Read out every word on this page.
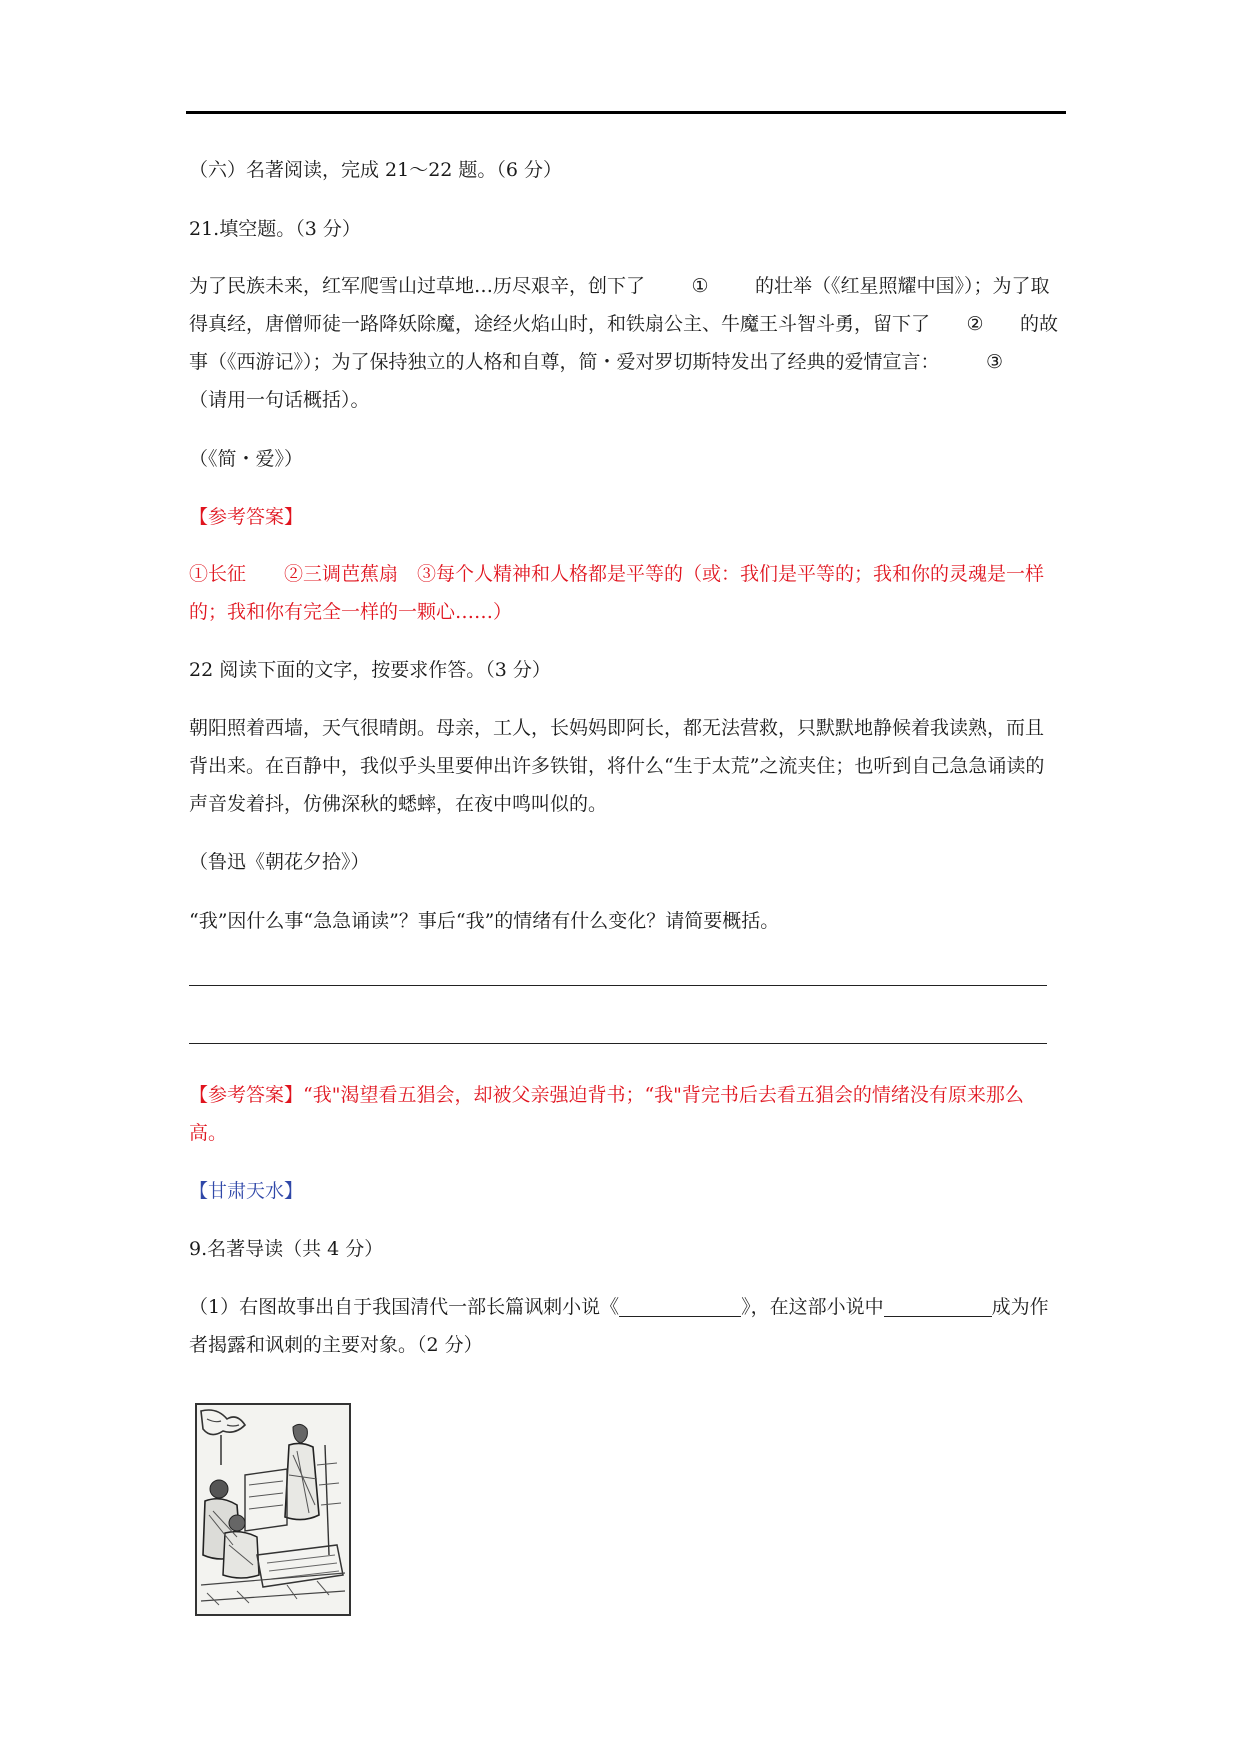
（六）名著阅读，完成 21～22 题。（6 分）
21.填空题。（3 分）
为了民族未来，红军爬雪山过草地…历尽艰辛，创下了 ① 的壮举（《红星照耀中国》）；为了取得真经，唐僧师徒一路降妖除魔，途经火焰山时，和铁扇公主、牛魔王斗智斗勇，留下了 ② 的故事（《西游记》）；为了保持独立的人格和自尊，简・爱对罗切斯特发出了经典的爱情宣言： ③（请用一句话概括）。
（《简・爱》）
【参考答案】
①长征　　②三调芭蕉扇　③每个人精神和人格都是平等的（或：我们是平等的；我和你的灵魂是一样的；我和你有完全一样的一颗心……）
22 阅读下面的文字，按要求作答。（3 分）
朝阳照着西墙，天气很晴朗。母亲，工人，长妈妈即阿长，都无法营救，只默默地静候着我读熟，而且背出来。在百静中，我似乎头里要伸出许多铁钳，将什么“生于太荒”之流夹住；也听到自己急急诵读的声音发着抖，仿佛深秋的蟋蟀，在夜中鸣叫似的。
（鲁迅《朝花夕拾》）
“我”因什么事“急急诵读”？事后“我”的情绪有什么变化？请简要概括。
【参考答案】“我"渴望看五猖会，却被父亲强迫背书；“我"背完书后去看五猖会的情绪没有原来那么高。
【甘肃天水】
9.名著导读（共 4 分）
（1）右图故事出自于我国清代一部长篇讽刺小说《	》，在这部小说中	成为作者揭露和讽刺的主要对象。（2 分）
